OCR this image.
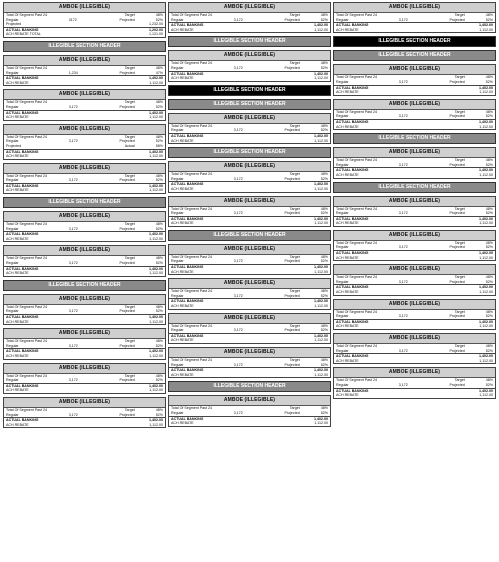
AMBOE (ILLEGIBLE)
Total Of Segment Past 24	Target	48%
Regular	3172	Projected	52%
Projected	1,232.00
ACTUAL BANKING	1,202.00
ACH REBATE TOTAL	1,121.00
ILLEGIBLE SECTION HEADER
AMBOE (ILLEGIBLE)
Total Of Segment Past 24	Target	48%
Regular	1,234	Projected	47%
ACTUAL BANKING	1,402.00
ACH REBATE	1,112.00
AMBOE (ILLEGIBLE)
Total Of Segment Past 24	Target	48%
Regular	3,172	Projected	52%
ACTUAL BANKING	1,402.00
ACH REBATE	1,112.00
AMBOE (ILLEGIBLE)
Total Of Segment Past 24	Target	48%
Regular	3,172	Projected	52%
Projected	Actual	58%
ACTUAL BANKING	1,402.00
ACH REBATE	1,112.00
AMBOE (ILLEGIBLE)
Total Of Segment Past 24	Target	48%
Regular	3,172	Projected	52%
ACTUAL BANKING	1,402.00
ACH REBATE	1,112.00
ILLEGIBLE SECTION HEADER
AMBOE (ILLEGIBLE)
Total Of Segment Past 24	Target	48%
Regular	3,172	Projected	52%
ACTUAL BANKING	1,402.00
ACH REBATE	1,112.00
AMBOE (ILLEGIBLE)
Total Of Segment Past 24	Target	48%
Regular	3,172	Projected	52%
ACTUAL BANKING	1,402.00
ACH REBATE	1,112.00
ILLEGIBLE SECTION HEADER
AMBOE (ILLEGIBLE)
Total Of Segment Past 24	Target	48%
Regular	3,172	Projected	52%
ACTUAL BANKING	1,402.00
ACH REBATE	1,112.00
AMBOE (ILLEGIBLE)
Total Of Segment Past 24	Target	48%
Regular	3,172	Projected	52%
ACTUAL BANKING	1,402.00
ACH REBATE	1,112.00
AMBOE (ILLEGIBLE)
Total Of Segment Past 24	Target	48%
Regular	3,172	Projected	52%
ACTUAL BANKING	1,402.00
ACH REBATE	1,112.00
AMBOE (ILLEGIBLE)
Total Of Segment Past 24	Target	48%
Regular	3,172	Projected	52%
ACTUAL BANKING	1,402.00
ACH REBATE	1,112.00
AMBOE (ILLEGIBLE)
Total Of Segment Past 24	Target	48%
Regular	3,172	Projected	52%
ACTUAL BANKING	1,402.00
ACH REBATE	1,112.00
ILLEGIBLE SECTION HEADER
AMBOE (ILLEGIBLE)
Total Of Segment Past 24	Target	48%
Regular	3,172	Projected	52%
ACTUAL BANKING	1,402.00
ACH REBATE	1,112.00
ILLEGIBLE SECTION HEADER
ILLEGIBLE SECTION HEADER
AMBOE (ILLEGIBLE)
Total Of Segment Past 24	Target	48%
Regular	3,172	Projected	52%
ACTUAL BANKING	1,402.00
ACH REBATE	1,112.00
ILLEGIBLE SECTION HEADER
AMBOE (ILLEGIBLE)
Total Of Segment Past 24	Target	48%
Regular	3,172	Projected	52%
ACTUAL BANKING	1,402.00
ACH REBATE	1,112.00
AMBOE (ILLEGIBLE)
Total Of Segment Past 24	Target	48%
Regular	3,172	Projected	52%
ACTUAL BANKING	1,402.00
ACH REBATE	1,112.00
ILLEGIBLE SECTION HEADER
AMBOE (ILLEGIBLE)
Total Of Segment Past 24	Target	48%
Regular	3,172	Projected	52%
ACTUAL BANKING	1,402.00
ACH REBATE	1,112.00
AMBOE (ILLEGIBLE)
Total Of Segment Past 24	Target	48%
Regular	3,172	Projected	52%
ACTUAL BANKING	1,402.00
ACH REBATE	1,112.00
AMBOE (ILLEGIBLE)
Total Of Segment Past 24	Target	48%
Regular	3,172	Projected	52%
ACTUAL BANKING	1,402.00
ACH REBATE	1,112.00
AMBOE (ILLEGIBLE)
Total Of Segment Past 24	Target	48%
Regular	3,172	Projected	52%
ACTUAL BANKING	1,402.00
ACH REBATE	1,112.00
ILLEGIBLE SECTION HEADER
AMBOE (ILLEGIBLE)
Total Of Segment Past 24	Target	48%
Regular	3,172	Projected	52%
ACTUAL BANKING	1,402.00
ACH REBATE	1,112.00
AMBOE (ILLEGIBLE)
Total Of Segment Past 24	Target	48%
Regular	3,172	Projected	52%
ACTUAL BANKING	1,402.00
ACH REBATE	1,112.00
ILLEGIBLE SECTION HEADER
ILLEGIBLE SECTION HEADER
AMBOE (ILLEGIBLE)
Total Of Segment Past 24	Target	48%
Regular	3,172	Projected	52%
ACTUAL BANKING	1,402.00
ACH REBATE	1,112.00
AMBOE (ILLEGIBLE)
Total Of Segment Past 24	Target	48%
Regular	3,172	Projected	52%
ACTUAL BANKING	1,402.00
ACH REBATE	1,112.00
ILLEGIBLE SECTION HEADER
AMBOE (ILLEGIBLE)
Total Of Segment Past 24	Target	48%
Regular	3,172	Projected	52%
ACTUAL BANKING	1,402.00
ACH REBATE	1,112.00
ILLEGIBLE SECTION HEADER
AMBOE (ILLEGIBLE)
Total Of Segment Past 24	Target	48%
Regular	3,172	Projected	52%
ACTUAL BANKING	1,402.00
ACH REBATE	1,112.00
AMBOE (ILLEGIBLE)
Total Of Segment Past 24	Target	48%
Regular	3,172	Projected	52%
ACTUAL BANKING	1,402.00
ACH REBATE	1,112.00
AMBOE (ILLEGIBLE)
Total Of Segment Past 24	Target	48%
Regular	3,172	Projected	52%
ACTUAL BANKING	1,402.00
ACH REBATE	1,112.00
AMBOE (ILLEGIBLE)
Total Of Segment Past 24	Target	48%
Regular	3,172	Projected	52%
ACTUAL BANKING	1,402.00
ACH REBATE	1,112.00
AMBOE (ILLEGIBLE)
Total Of Segment Past 24	Target	48%
Regular	3,172	Projected	52%
ACTUAL BANKING	1,402.00
ACH REBATE	1,112.00
AMBOE (ILLEGIBLE)
Total Of Segment Past 24	Target	48%
Regular	3,172	Projected	52%
ACTUAL BANKING	1,402.00
ACH REBATE	1,112.00
